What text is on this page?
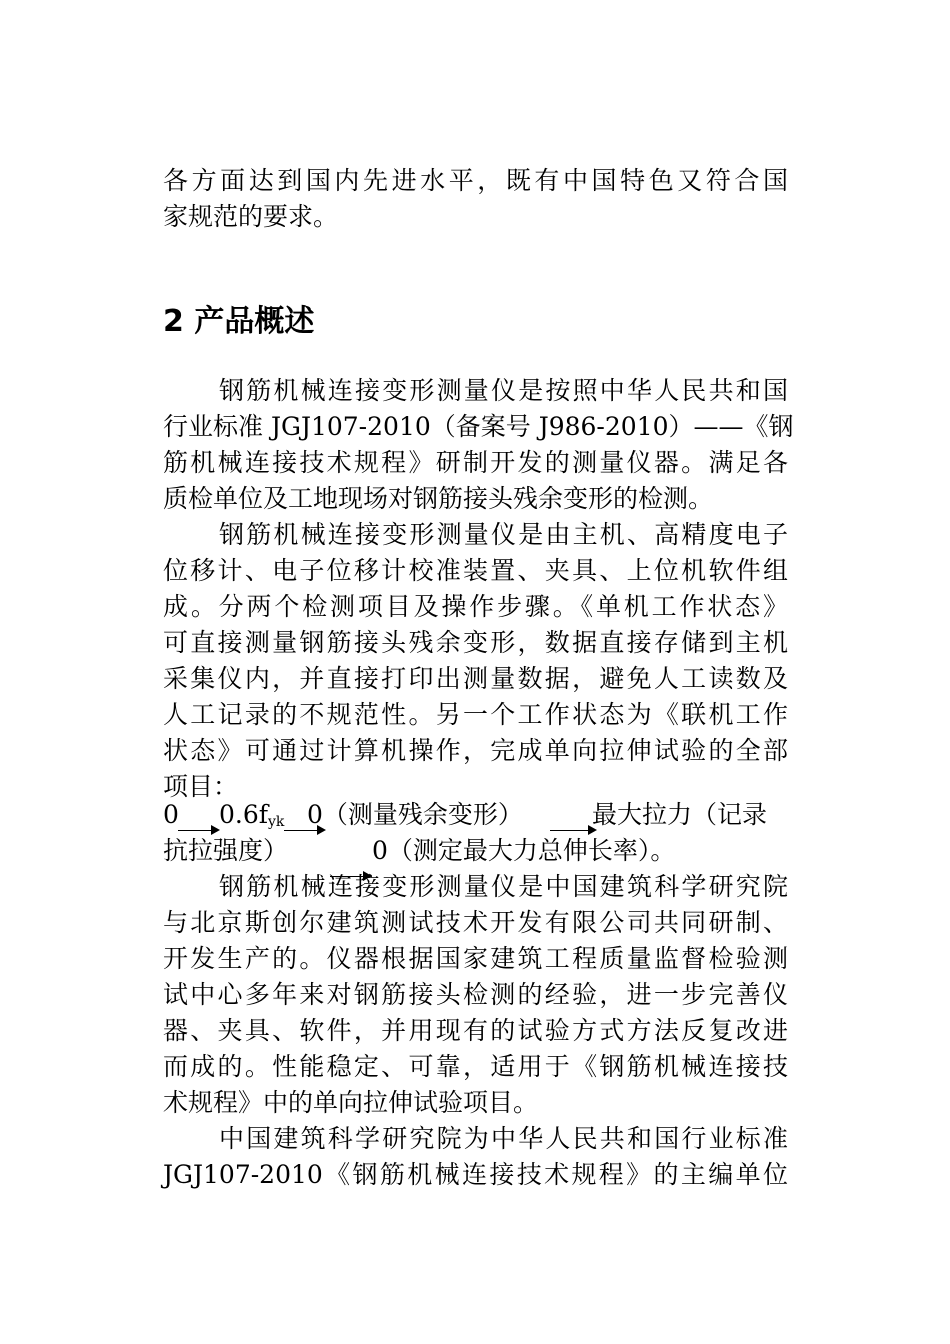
各方面达到国内先进水平，既有中国特色又符合国
家规范的要求。
2 产品概述
钢筋机械连接变形测量仪是按照中华人民共和国
行业标准 JGJ107-2010（备案号 J986-2010）——《钢
筋机械连接技术规程》研制开发的测量仪器。满足各
质检单位及工地现场对钢筋接头残余变形的检测。
钢筋机械连接变形测量仪是由主机、高精度电子
位移计、电子位移计校准装置、夹具、上位机软件组
成。分两个检测项目及操作步骤。《单机工作状态》
可直接测量钢筋接头残余变形，数据直接存储到主机
采集仪内，并直接打印出测量数据，避免人工读数及
人工记录的不规范性。另一个工作状态为《联机工作
状态》可通过计算机操作，完成单向拉伸试验的全部
项目：
0 $0.6f_{yk}$ 0（测量残余变形）	最大拉力（记录
抗拉强度）	0（测定最大力总伸长率）。
钢筋机械连接变形测量仪是中国建筑科学研究院
与北京斯创尔建筑测试技术开发有限公司共同研制、
开发生产的。仪器根据国家建筑工程质量监督检验测
试中心多年来对钢筋接头检测的经验，进一步完善仪
器、夹具、软件，并用现有的试验方式方法反复改进
而成的。性能稳定、可靠，适用于《钢筋机械连接技
术规程》中的单向拉伸试验项目。
中国建筑科学研究院为中华人民共和国行业标准
JGJ107-2010《钢筋机械连接技术规程》的主编单位
